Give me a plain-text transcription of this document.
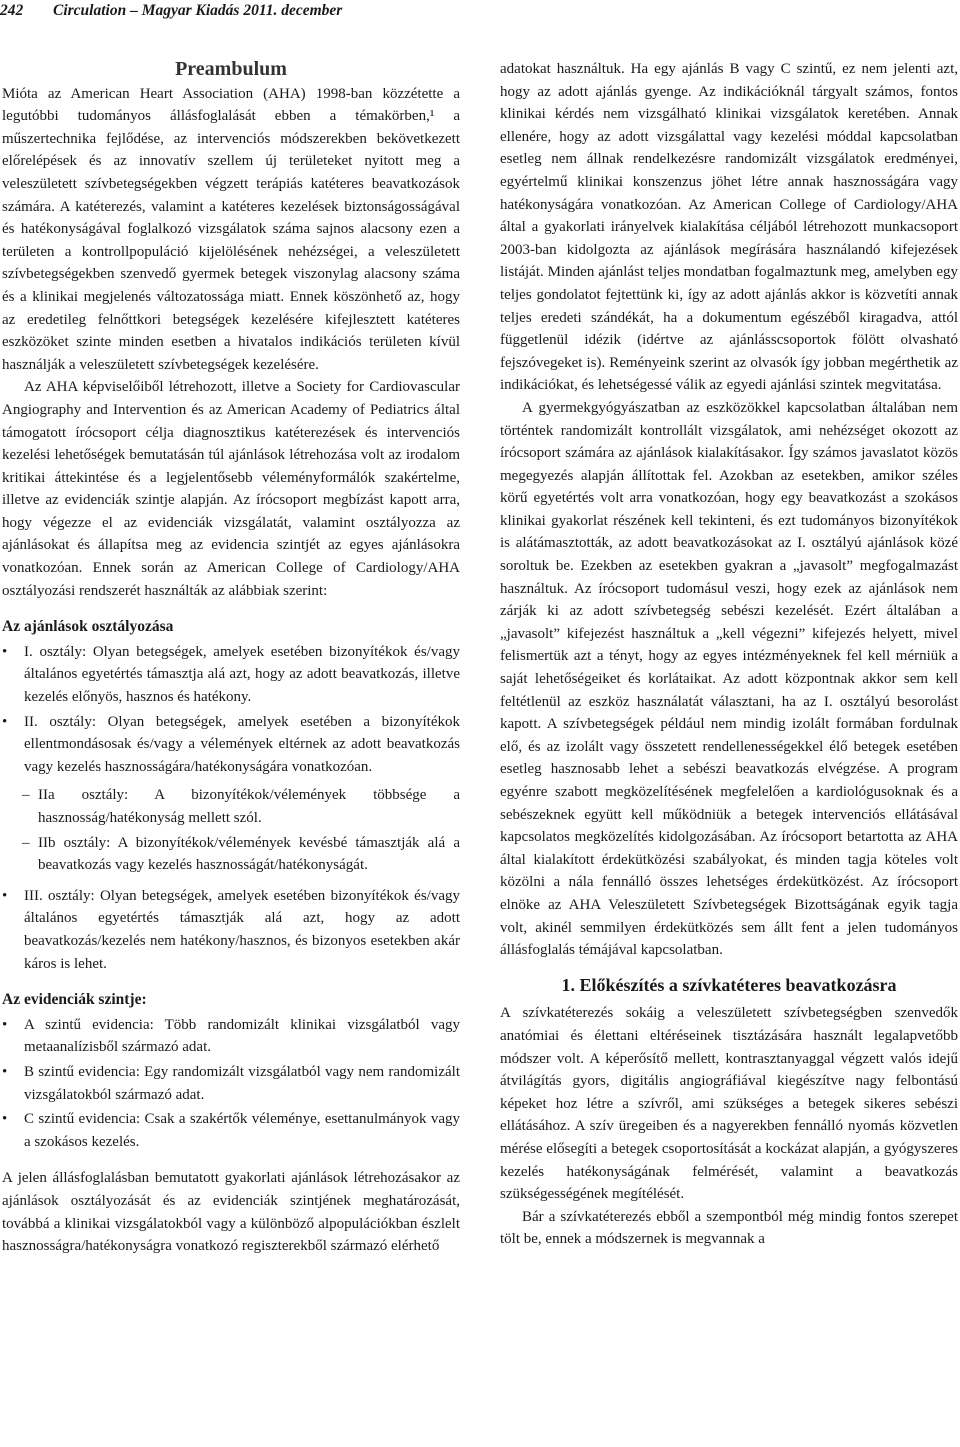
242 Circulation – Magyar Kiadás 2011. december
Preambulum

Mióta az American Heart Association (AHA) 1998-ban közzétette a legutóbbi tudományos állásfoglalását ebben a témakörben,¹ a műszertechnika fejlődése, az intervenciós módszerekben bekövetkezett előrelépések és az innovatív szellem új területeket nyitott meg a veleszületett szívbetegségekben végzett terápiás katéteres beavatkozások számára. A katéterezés, valamint a katéteres kezelések biztonságosságával és hatékonyságával foglalkozó vizsgálatok száma sajnos alacsony ezen a területen a kontrollpopuláció kijelölésének nehézségei, a veleszületett szívbetegségekben szenvedő gyermek betegek viszonylag alacsony száma és a klinikai megjelenés változatossága miatt. Ennek köszönhető az, hogy az eredetileg felnőttkori betegségek kezelésére kifejlesztett katéteres eszközöket szinte minden esetben a hivatalos indikációs területen kívül használják a veleszületett szívbetegségek kezelésére.

Az AHA képviselőiből létrehozott, illetve a Society for Cardiovascular Angiography and Intervention és az American Academy of Pediatrics által támogatott írócsoport célja diagnosztikus katéterezések és intervenciós kezelési lehetőségek bemutatásán túl ajánlások létrehozása volt az irodalom kritikai áttekintése és a legjelentősebb véleményformálók szakértelme, illetve az evidenciák szintje alapján. Az írócsoport megbízást kapott arra, hogy végezze el az evidenciák vizsgálatát, valamint osztályozza az ajánlásokat és állapítsa meg az evidencia szintjét az egyes ajánlásokra vonatkozóan. Ennek során az American College of Cardiology/AHA osztályozási rendszerét használták az alábbiak szerint:

Az ajánlások osztályozása
• I. osztály: Olyan betegségek, amelyek esetében bizonyítékok és/vagy általános egyetértés támasztja alá azt, hogy az adott beavatkozás, illetve kezelés előnyös, hasznos és hatékony.
• II. osztály: Olyan betegségek, amelyek esetében a bizonyítékok ellentmondásosak és/vagy a vélemények eltérnek az adott beavatkozás vagy kezelés hasznosságára/hatékonyságára vonatkozóan.
– IIa osztály: A bizonyítékok/vélemények többsége a hasznosság/hatékonyság mellett szól.
– IIb osztály: A bizonyítékok/vélemények kevésbé támasztják alá a beavatkozás vagy kezelés hasznosságát/hatékonyságát.
• III. osztály: Olyan betegségek, amelyek esetében bizonyítékok és/vagy általános egyetértés támasztják alá azt, hogy az adott beavatkozás/kezelés nem hatékony/hasznos, és bizonyos esetekben akár káros is lehet.
Az evidenciák szintje:
• A szintű evidencia: Több randomizált klinikai vizsgálatból vagy metaanalízisből származó adat.
• B szintű evidencia: Egy randomizált vizsgálatból vagy nem randomizált vizsgálatokból származó adat.
• C szintű evidencia: Csak a szakértők véleménye, esettanulmányok vagy a szokásos kezelés.

A jelen állásfoglalásban bemutatott gyakorlati ajánlások létrehozásakor az ajánlások osztályozását és az evidenciák szintjének meghatározását, továbbá a klinikai vizsgálatokból vagy a különböző alpopulációkban észlelt hasznosságra/hatékonyságra vonatkozó regiszterekből származó elérhető

adatokat használtuk. Ha egy ajánlás B vagy C szintű, ez nem jelenti azt, hogy az adott ajánlás gyenge. Az indikációknál tárgyalt számos, fontos klinikai kérdés nem vizsgálható klinikai vizsgálatok keretében. Annak ellenére, hogy az adott vizsgálattal vagy kezelési móddal kapcsolatban esetleg nem állnak rendelkezésre randomizált vizsgálatok eredményei, egyértelmű klinikai konszenzus jöhet létre annak hasznosságára vagy hatékonyságára vonatkozóan. Az American College of Cardiology/AHA által a gyakorlati irányelvek kialakítása céljából létrehozott munkacsoport 2003-ban kidolgozta az ajánlások megírására használandó kifejezések listáját. Minden ajánlást teljes mondatban fogalmaztunk meg, amelyben egy teljes gondolatot fejtettünk ki, így az adott ajánlás akkor is közvetíti annak teljes eredeti szándékát, ha a dokumentum egészéből kiragadva, attól függetlenül idézik (idértve az ajánlásscsoportok fölött olvasható fejszóvegeket is). Reményeink szerint az olvasók így jobban megérthetik az indikációkat, és lehetségessé válik az egyedi ajánlási szintek megvitatása.

A gyermekgyógyászatban az eszközökkel kapcsolatban általában nem történtek randomizált kontrollált vizsgálatok, ami nehézséget okozott az írócsoport számára az ajánlások kialakításakor. Így számos javaslatot közös megegyezés alapján állítottak fel. Azokban az esetekben, amikor széles körű egyetértés volt arra vonatkozóan, hogy egy beavatkozást a szokásos klinikai gyakorlat részének kell tekinteni, és ezt tudományos bizonyítékok is alátámasztották, az adott beavatkozásokat az I. osztályú ajánlások közé soroltuk be. Ezekben az esetekben gyakran a „javasolt” megfogalmazást használtuk. Az írócsoport tudomásul veszi, hogy ezek az ajánlások nem zárják ki az adott szívbetegség sebészi kezelését. Ezért általában a „javasolt” kifejezést használtuk a „kell végezni” kifejezés helyett, mivel felismertük azt a tényt, hogy az egyes intézményeknek fel kell mérniük a saját lehetőségeiket és korlátaikat. Az adott központnak akkor sem kell feltétlenül az eszköz használatát választani, ha az I. osztályú besorolást kapott. A szívbetegségek például nem mindig izolált formában fordulnak elő, és az izolált vagy összetett rendellenességekkel élő betegek esetében esetleg hasznosabb lehet a sebészi beavatkozás elvégzése. A program egyénre szabott megközelítésének megfelelően a kardiológusoknak és a sebészeknek együtt kell működniük a betegek intervenciós ellátásával kapcsolatos megközelítés kidolgozásában. Az írócsoport betartotta az AHA által kialakított érdekütközési szabályokat, és minden tagja köteles volt közölni a nála fennálló összes lehetséges érdekütközést. Az írócsoport elnöke az AHA Veleszületett Szívbetegségek Bizottságának egyik tagja volt, akinél semmilyen érdekütközés sem állt fent a jelen tudományos állásfoglalás témájával kapcsolatban.

1. Előkészítés a szívkatéteres beavatkozásra

A szívkatéterezés sokáig a veleszületett szívbetegségben szenvedők anatómiai és élettani eltéréseinek tisztázására használt legalapvetőbb módszer volt. A képerősítő mellett, kontrasztanyaggal végzett valós idejű átvilágítás gyors, digitális angiográfiával kiegészítve nagy felbontású képeket hoz létre a szívről, ami szükséges a betegek sikeres sebészi ellátásához. A szív üregeiben és a nagyerekben fennálló nyomás közvetlen mérése elősegíti a betegek csoportosítását a kockázat alapján, a gyógyszeres kezelés hatékonyságának felmérését, valamint a beavatkozás szükségességének megítélését.

Bár a szívkatéterezés ebből a szempontból még mindig fontos szerepet tölt be, ennek a módszernek is megvannak a
